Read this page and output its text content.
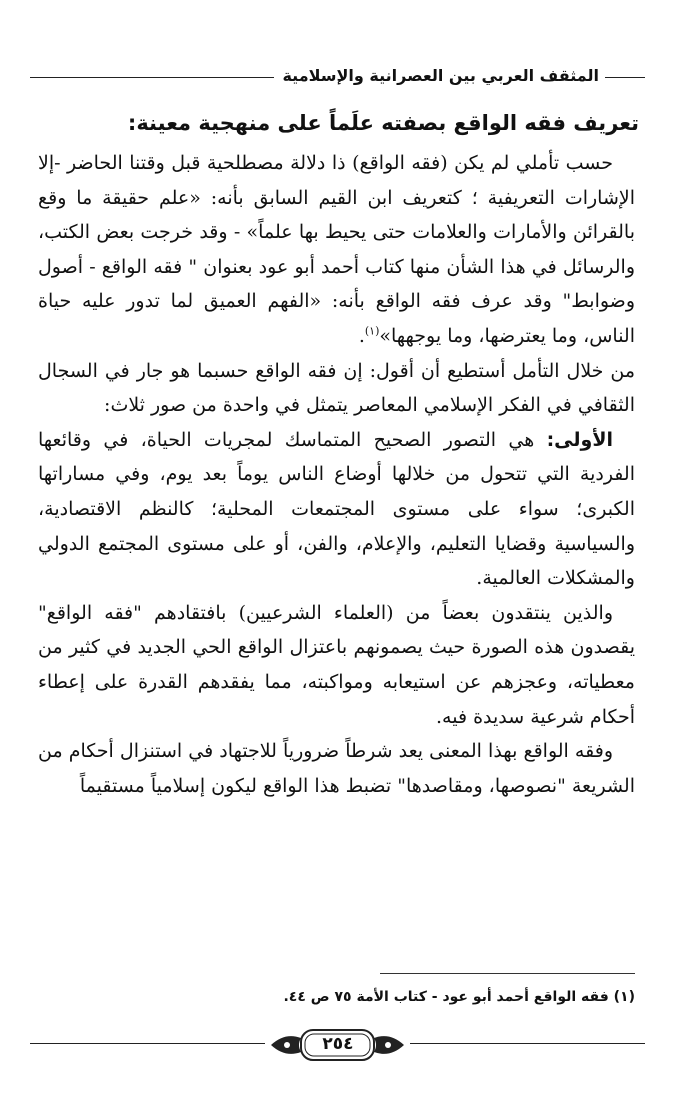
المثقف العربي بين العصرانية والإسلامية
تعريف فقه الواقع بصفته علَماً على منهجية معينة:

حسب تأملي لم يكن (فقه الواقع) ذا دلالة مصطلحية قبل وقتنا الحاضر -إلا الإشارات التعريفية ؛ كتعريف ابن القيم السابق بأنه: «علم حقيقة ما وقع بالقرائن والأمارات والعلامات حتى يحيط بها علماً» - وقد خرجت بعض الكتب، والرسائل في هذا الشأن منها كتاب أحمد أبو عود بعنوان " فقه الواقع - أصول وضوابط" وقد عرف فقه الواقع بأنه: «الفهم العميق لما تدور عليه حياة الناس، وما يعترضها، وما يوجهها»$^{(١)}$.

من خلال التأمل أستطيع أن أقول: إن فقه الواقع حسبما هو جار في السجال الثقافي في الفكر الإسلامي المعاصر يتمثل في واحدة من صور ثلاث:

الأولى: هي التصور الصحيح المتماسك لمجريات الحياة، في وقائعها الفردية التي تتحول من خلالها أوضاع الناس يوماً بعد يوم، وفي مساراتها الكبرى؛ سواء على مستوى المجتمعات المحلية؛ كالنظم الاقتصادية، والسياسية وقضايا التعليم، والإعلام، والفن، أو على مستوى المجتمع الدولي والمشكلات العالمية.

والذين ينتقدون بعضاً من (العلماء الشرعيين) بافتقادهم "فقه الواقع" يقصدون هذه الصورة حيث يصمونهم باعتزال الواقع الحي الجديد في كثير من معطياته، وعجزهم عن استيعابه ومواكبته، مما يفقدهم القدرة على إعطاء أحكام شرعية سديدة فيه.

وفقه الواقع بهذا المعنى يعد شرطاً ضرورياً للاجتهاد في استنزال أحكام من الشريعة "نصوصها، ومقاصدها" تضبط هذا الواقع ليكون إسلامياً مستقيماً

(١) فقه الواقع أحمد أبو عود - كتاب الأمة ٧٥ ص ٤٤.
٢٥٤
